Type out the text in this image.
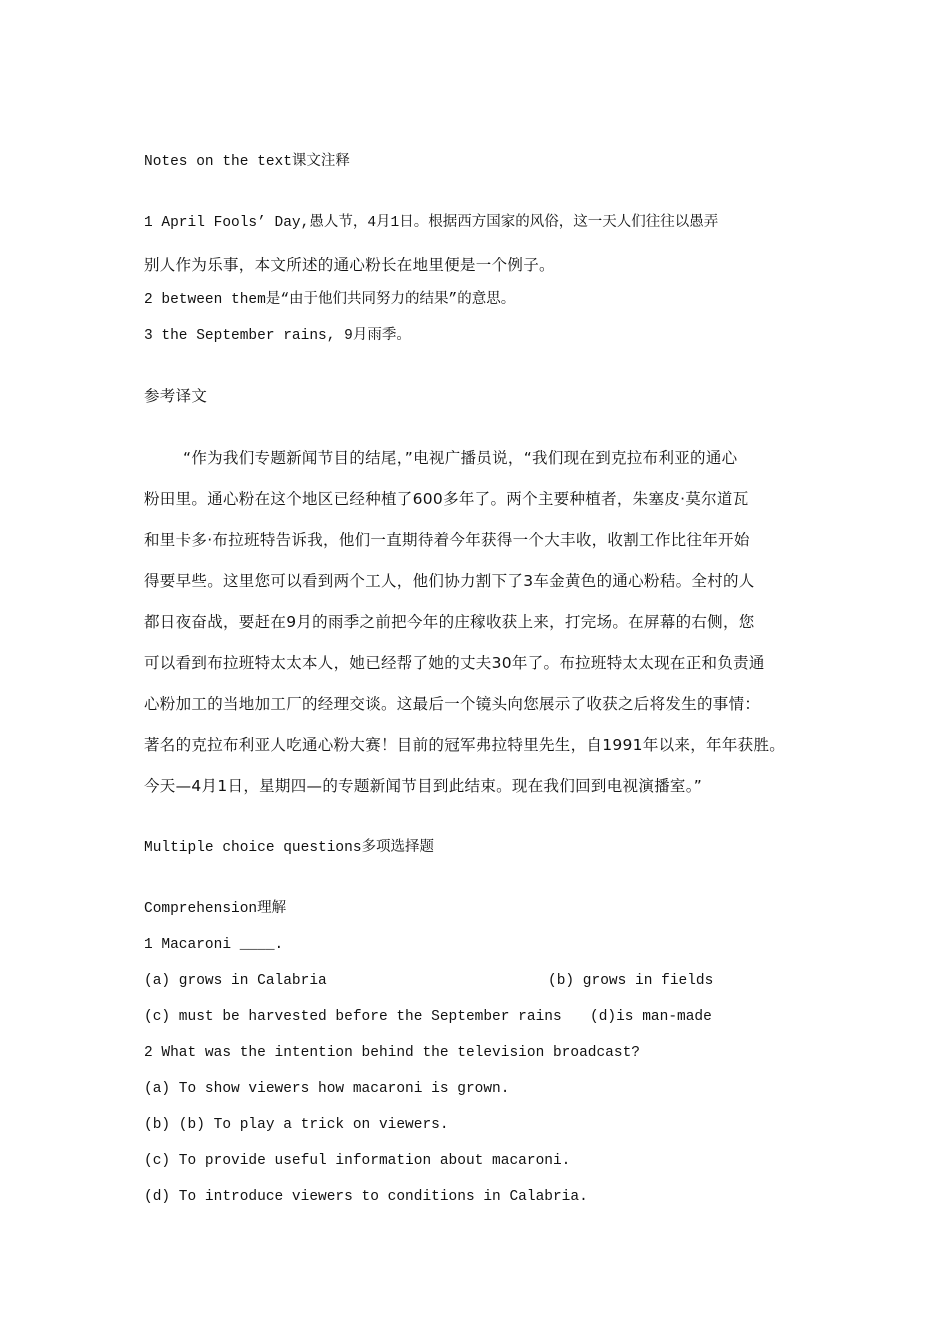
Notes on the text课文注释
1 April Fools’ Day,愚人节，4月1日。根据西方国家的风俗，这一天人们往往以愚弄
别人作为乐事，本文所述的通心粉长在地里便是一个例子。
2 between them是“由于他们共同努力的结果”的意思。
3 the September rains, 9月雨季。
参考译文
“作为我们专题新闻节目的结尾，”电视广播员说，“我们现在到克拉布利亚的通心
粉田里。通心粉在这个地区已经种植了600多年了。两个主要种植者，朱塞皮·莫尔道瓦
和里卡多·布拉班特告诉我，他们一直期待着今年获得一个大丰收，收割工作比往年开始
得要早些。这里您可以看到两个工人，他们协力割下了3车金黄色的通心粉秸。全村的人
都日夜奋战，要赶在9月的雨季之前把今年的庄稼收获上来，打完场。在屏幕的右侧，您
可以看到布拉班特太太本人，她已经帮了她的丈夫30年了。布拉班特太太现在正和负责通
心粉加工的当地加工厂的经理交谈。这最后一个镜头向您展示了收获之后将发生的事情：
著名的克拉布利亚人吃通心粉大赛！目前的冠军弗拉特里先生，自1991年以来，年年获胜。
今天—4月1日，星期四—的专题新闻节目到此结束。现在我们回到电视演播室。”
Multiple choice questions多项选择题
Comprehension理解
1 Macaroni ____.
(a) grows in Calabria	(b) grows in fields
(c) must be harvested before the September rains (d)is man-made
2 What was the intention behind the television broadcast?
(a) To show viewers how macaroni is grown.
(b) (b) To play a trick on viewers.
(c) To provide useful information about macaroni.
(d) To introduce viewers to conditions in Calabria.
